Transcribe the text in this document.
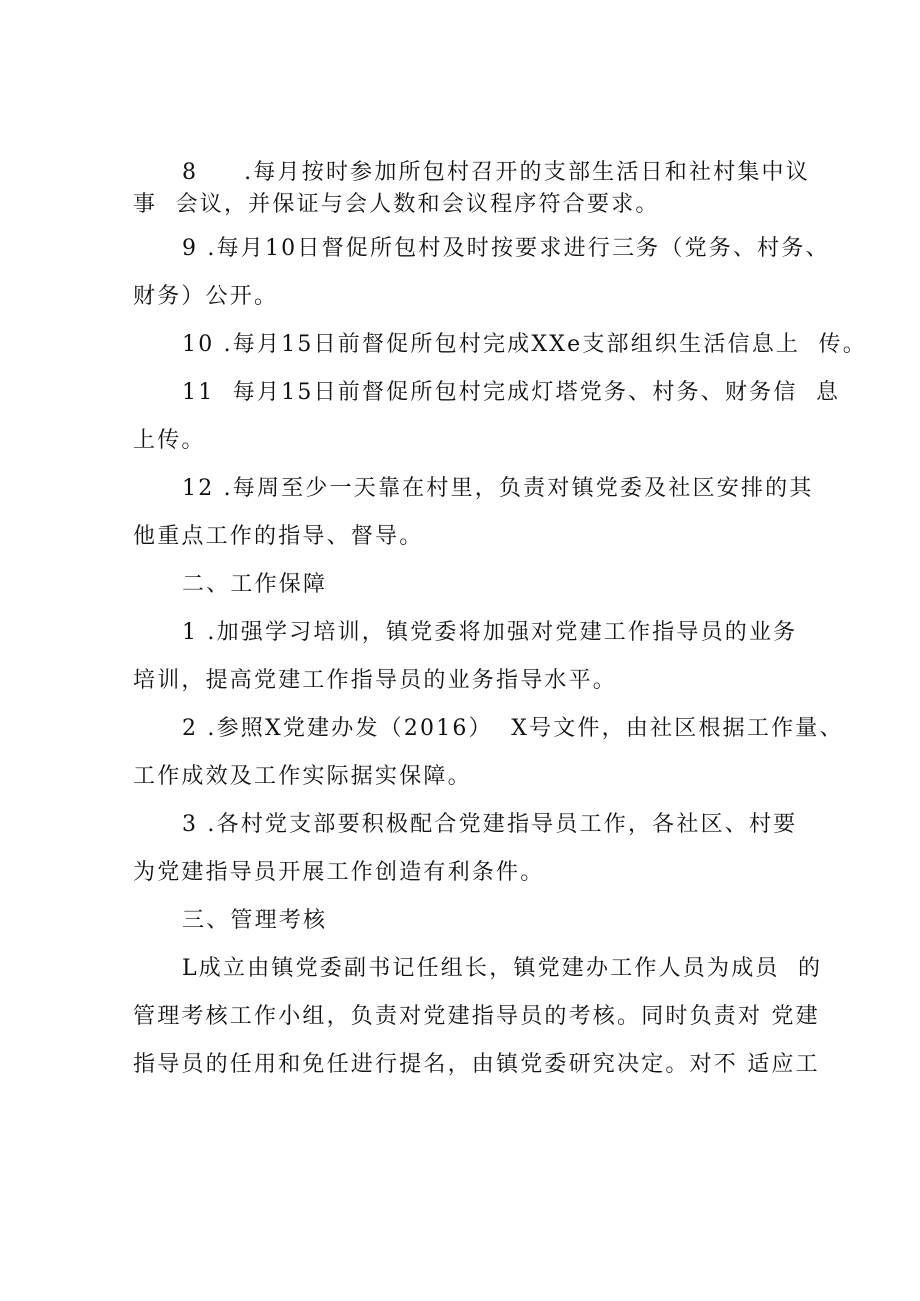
8     .每月按时参加所包村召开的支部生活日和社村集中议
事  会议，并保证与会人数和会议程序符合要求。
9 .每月10日督促所包村及时按要求进行三务（党务、村务、
财务）公开。
10 .每月15日前督促所包村完成XXe支部组织生活信息上  传。
11  每月15日前督促所包村完成灯塔党务、村务、财务信  息
上传。
12 .每周至少一天靠在村里，负责对镇党委及社区安排的其
他重点工作的指导、督导。
二、工作保障
1 .加强学习培训，镇党委将加强对党建工作指导员的业务
培训，提高党建工作指导员的业务指导水平。
2 .参照X党建办发（2016）  X号文件，由社区根据工作量、
工作成效及工作实际据实保障。
3 .各村党支部要积极配合党建指导员工作，各社区、村要
为党建指导员开展工作创造有利条件。
三、管理考核
L成立由镇党委副书记任组长，镇党建办工作人员为成员  的
管理考核工作小组，负责对党建指导员的考核。同时负责对 党建
指导员的任用和免任进行提名，由镇党委研究决定。对不 适应工
